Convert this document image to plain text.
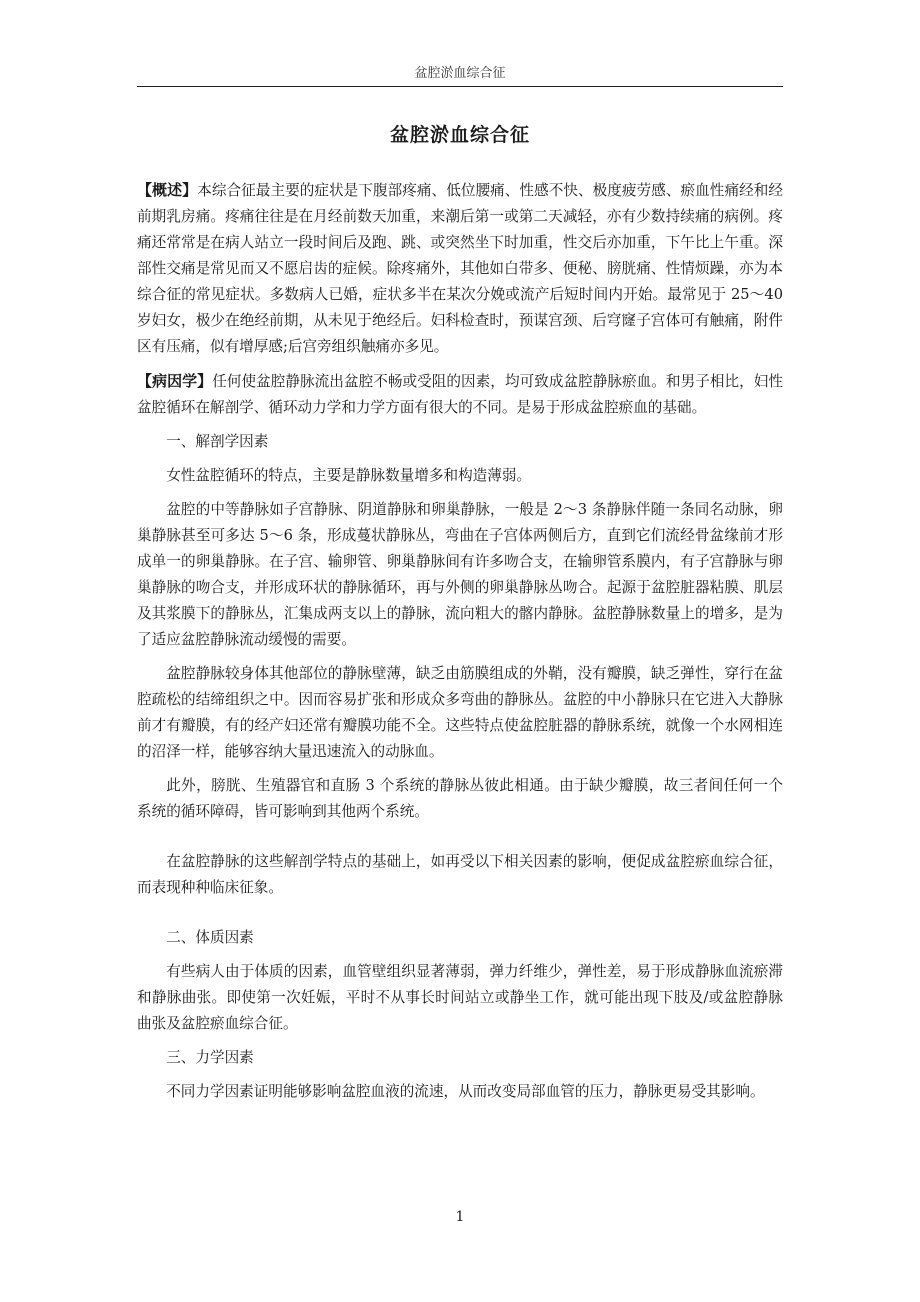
盆腔淤血综合征
盆腔淤血综合征

【概述】本综合征最主要的症状是下腹部疼痛、低位腰痛、性感不快、极度疲劳感、瘀血性痛经和经前期乳房痛。疼痛往往是在月经前数天加重，来潮后第一或第二天减轻，亦有少数持续痛的病例。疼痛还常常是在病人站立一段时间后及跑、跳、或突然坐下时加重，性交后亦加重，下午比上午重。深部性交痛是常见而又不愿启齿的症候。除疼痛外，其他如白带多、便秘、膀胱痛、性情烦躁，亦为本综合征的常见症状。多数病人已婚，症状多半在某次分娩或流产后短时间内开始。最常见于 25～40 岁妇女，极少在绝经前期，从未见于绝经后。妇科检查时，预谋宫颈、后穹窿子宫体可有触痛，附件区有压痛，似有增厚感;后宫旁组织触痛亦多见。

【病因学】任何使盆腔静脉流出盆腔不畅或受阻的因素，均可致成盆腔静脉瘀血。和男子相比，妇性盆腔循环在解剖学、循环动力学和力学方面有很大的不同。是易于形成盆腔瘀血的基础。

一、解剖学因素

女性盆腔循环的特点，主要是静脉数量增多和构造薄弱。

盆腔的中等静脉如子宫静脉、阴道静脉和卵巢静脉，一般是 2～3 条静脉伴随一条同名动脉，卵巢静脉甚至可多达 5～6 条，形成蔓状静脉丛，弯曲在子宫体两侧后方，直到它们流经骨盆缘前才形成单一的卵巢静脉。在子宫、输卵管、卵巢静脉间有许多吻合支，在输卵管系膜内，有子宫静脉与卵巢静脉的吻合支，并形成环状的静脉循环，再与外侧的卵巢静脉丛吻合。起源于盆腔脏器粘膜、肌层及其浆膜下的静脉丛，汇集成两支以上的静脉，流向粗大的髂内静脉。盆腔静脉数量上的增多，是为了适应盆腔静脉流动缓慢的需要。

盆腔静脉较身体其他部位的静脉壁薄，缺乏由筋膜组成的外鞘，没有瓣膜，缺乏弹性，穿行在盆腔疏松的结缔组织之中。因而容易扩张和形成众多弯曲的静脉丛。盆腔的中小静脉只在它进入大静脉前才有瓣膜，有的经产妇还常有瓣膜功能不全。这些特点使盆腔脏器的静脉系统，就像一个水网相连的沼泽一样，能够容纳大量迅速流入的动脉血。

此外，膀胱、生殖器官和直肠 3 个系统的静脉丛彼此相通。由于缺少瓣膜，故三者间任何一个系统的循环障碍，皆可影响到其他两个系统。

在盆腔静脉的这些解剖学特点的基础上，如再受以下相关因素的影响，便促成盆腔瘀血综合征，而表现种种临床征象。

二、体质因素

有些病人由于体质的因素，血管壁组织显著薄弱，弹力纤维少，弹性差，易于形成静脉血流瘀滞和静脉曲张。即使第一次妊娠，平时不从事长时间站立或静坐工作，就可能出现下肢及/或盆腔静脉曲张及盆腔瘀血综合征。

三、力学因素

不同力学因素证明能够影响盆腔血液的流速，从而改变局部血管的压力，静脉更易受其影响。

1
